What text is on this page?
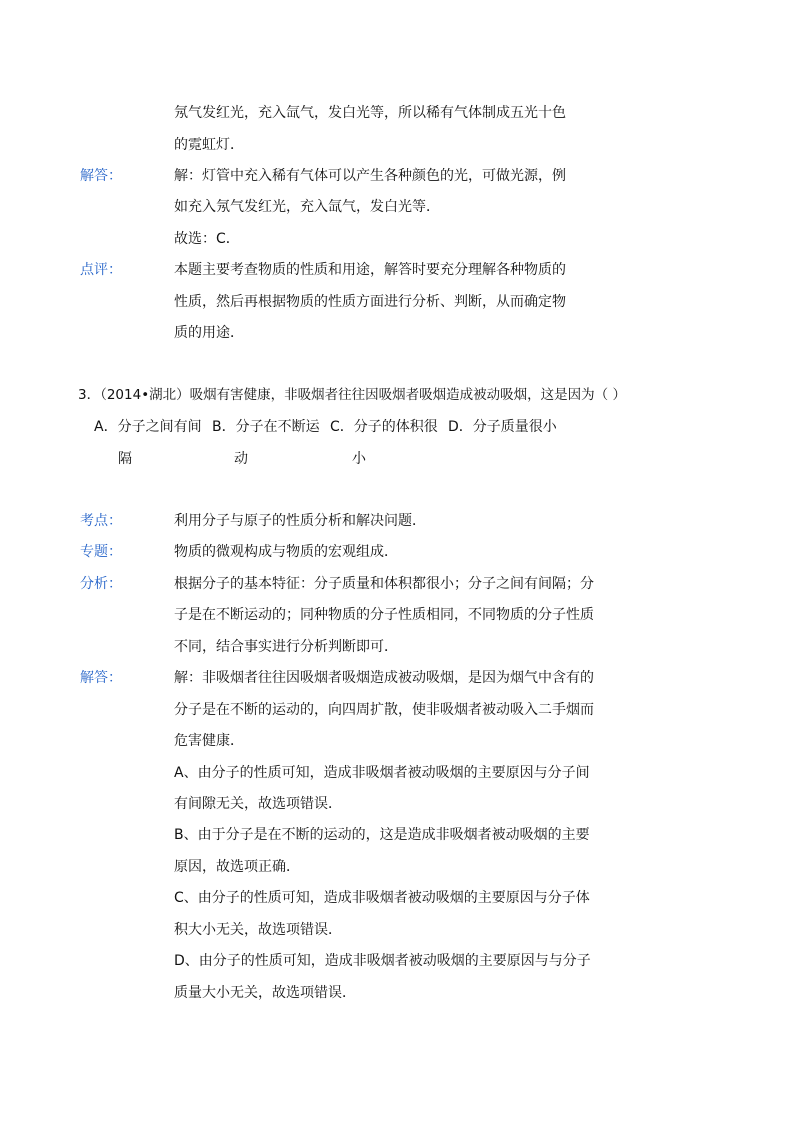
氖气发红光，充入氙气，发白光等，所以稀有气体制成五光十色
的霓虹灯．
解答：	解：灯管中充入稀有气体可以产生各种颜色的光，可做光源，例
如充入氖气发红光，充入氙气，发白光等．
故选：C．
点评：	本题主要考查物质的性质和用途，解答时要充分理解各种物质的
性质，然后再根据物质的性质方面进行分析、判断，从而确定物
质的用途．
3．（2014•湖北）吸烟有害健康，非吸烟者往往因吸烟者吸烟造成被动吸烟，这是因为（ ）
A．分子之间有间
隔
B．分子在不断运
动
C．分子的体积很
小
D．分子质量很小
考点：	利用分子与原子的性质分析和解决问题．
专题：	物质的微观构成与物质的宏观组成．
分析：	根据分子的基本特征：分子质量和体积都很小；分子之间有间隔；分
子是在不断运动的；同种物质的分子性质相同，不同物质的分子性质
不同，结合事实进行分析判断即可．
解答：	解：非吸烟者往往因吸烟者吸烟造成被动吸烟，是因为烟气中含有的
分子是在不断的运动的，向四周扩散，使非吸烟者被动吸入二手烟而
危害健康．
A、由分子的性质可知，造成非吸烟者被动吸烟的主要原因与分子间
有间隙无关，故选项错误．
B、由于分子是在不断的运动的，这是造成非吸烟者被动吸烟的主要
原因，故选项正确．
C、由分子的性质可知，造成非吸烟者被动吸烟的主要原因与分子体
积大小无关，故选项错误．
D、由分子的性质可知，造成非吸烟者被动吸烟的主要原因与与分子
质量大小无关，故选项错误．
